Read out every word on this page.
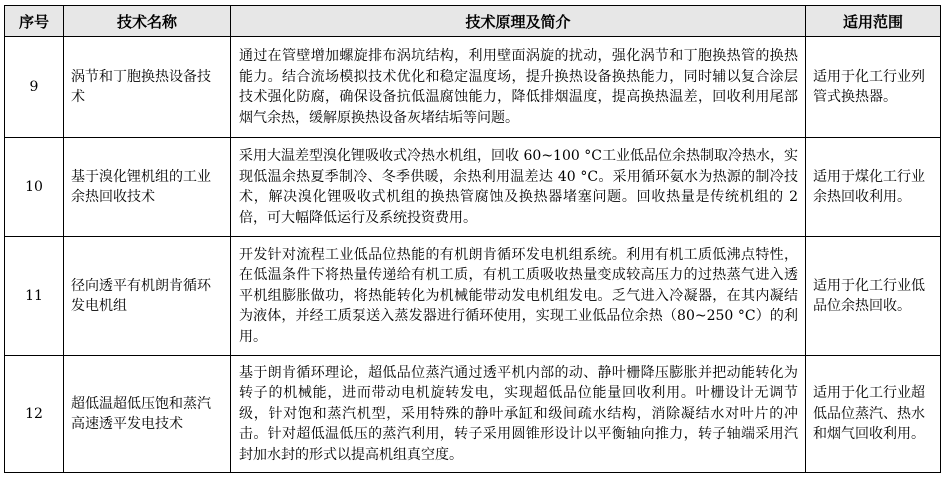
序号	技术名称	技术原理及简介	适用范围
9	涡节和丁胞换热设备技术	通过在管壁增加螺旋排布涡坑结构，利用壁面涡旋的扰动，强化涡节和丁胞换热管的换热能力。结合流场模拟技术优化和稳定温度场，提升换热设备换热能力，同时辅以复合涂层技术强化防腐，确保设备抗低温腐蚀能力，降低排烟温度，提高换热温差，回收利用尾部烟气余热，缓解原换热设备灰堵结垢等问题。	适用于化工行业列管式换热器。
10	基于溴化锂机组的工业余热回收技术	采用大温差型溴化锂吸收式冷热水机组，回收 60~100 °C工业低品位余热制取冷热水，实现低温余热夏季制冷、冬季供暖，余热利用温差达 40 °C。采用循环氨水为热源的制冷技术，解决溴化锂吸收式机组的换热管腐蚀及换热器堵塞问题。回收热量是传统机组的 2 倍，可大幅降低运行及系统投资费用。	适用于煤化工行业余热回收利用。
11	径向透平有机朗肯循环发电机组	开发针对流程工业低品位热能的有机朗肯循环发电机组系统。利用有机工质低沸点特性，在低温条件下将热量传递给有机工质，有机工质吸收热量变成较高压力的过热蒸气进入透平机组膨胀做功，将热能转化为机械能带动发电机组发电。乏气进入冷凝器，在其内凝结为液体，并经工质泵送入蒸发器进行循环使用，实现工业低品位余热（80~250 °C）的利用。	适用于化工行业低品位余热回收。
12	超低温超低压饱和蒸汽高速透平发电技术	基于朗肯循环理论，超低品位蒸汽通过透平机内部的动、静叶栅降压膨胀并把动能转化为转子的机械能，进而带动电机旋转发电，实现超低品位能量回收利用。叶栅设计无调节级，针对饱和蒸汽机型，采用特殊的静叶承缸和级间疏水结构，消除凝结水对叶片的冲击。针对超低温低压的蒸汽利用，转子采用圆锥形设计以平衡轴向推力，转子轴端采用汽封加水封的形式以提高机组真空度。	适用于化工行业超低品位蒸汽、热水和烟气回收利用。
